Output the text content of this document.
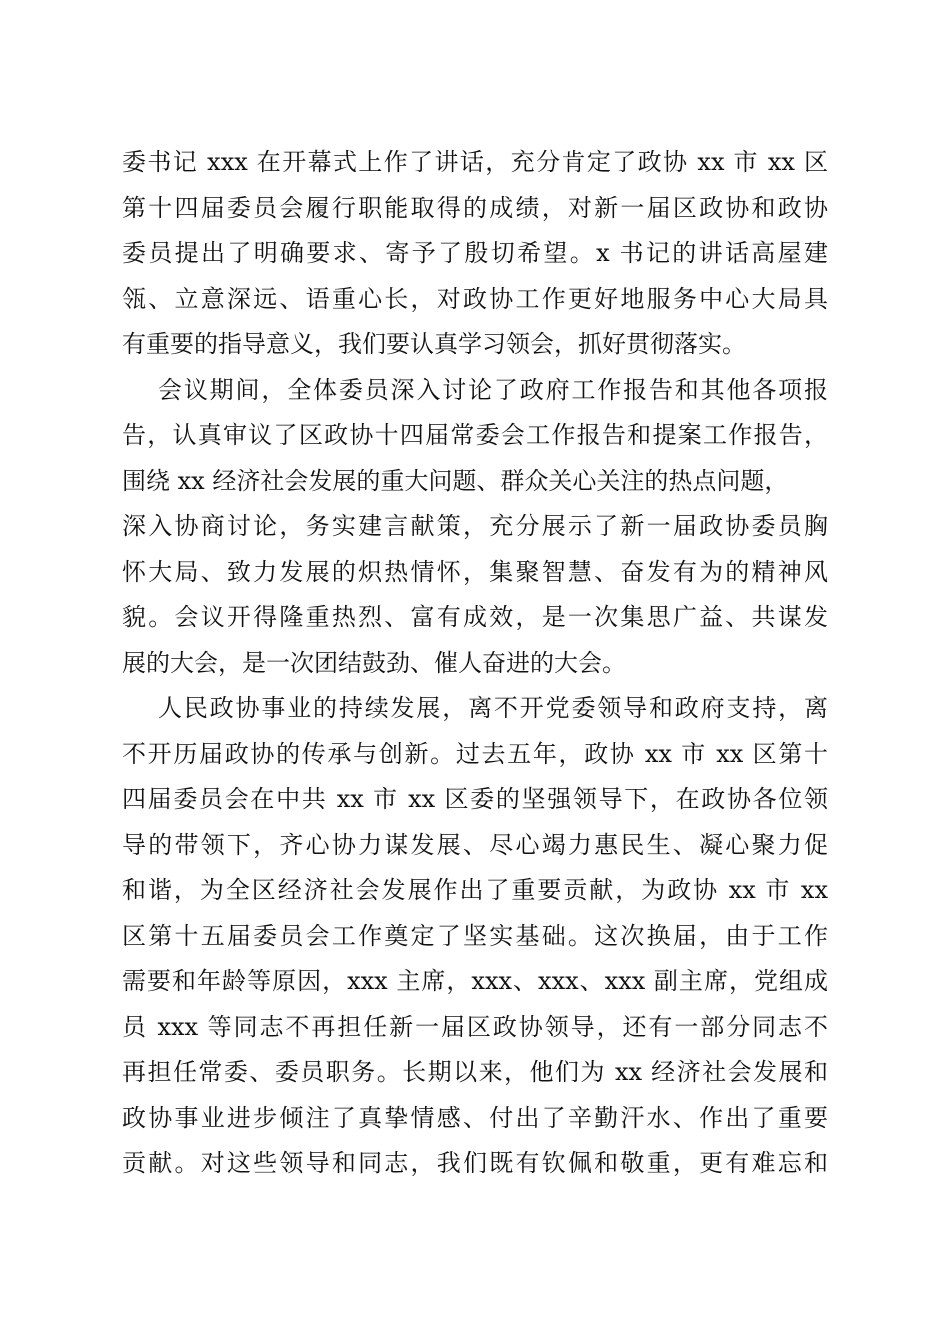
委书记 xxx 在开幕式上作了讲话，充分肯定了政协 xx 市 xx 区
第十四届委员会履行职能取得的成绩，对新一届区政协和政协
委员提出了明确要求、寄予了殷切希望。x 书记的讲话高屋建
瓴、立意深远、语重心长，对政协工作更好地服务中心大局具
有重要的指导意义，我们要认真学习领会，抓好贯彻落实。
会议期间，全体委员深入讨论了政府工作报告和其他各项报
告，认真审议了区政协十四届常委会工作报告和提案工作报告，
围绕 xx 经济社会发展的重大问题、群众关心关注的热点问题，
深入协商讨论，务实建言献策，充分展示了新一届政协委员胸
怀大局、致力发展的炽热情怀，集聚智慧、奋发有为的精神风
貌。会议开得隆重热烈、富有成效，是一次集思广益、共谋发
展的大会，是一次团结鼓劲、催人奋进的大会。
人民政协事业的持续发展，离不开党委领导和政府支持，离
不开历届政协的传承与创新。过去五年，政协 xx 市 xx 区第十
四届委员会在中共 xx 市 xx 区委的坚强领导下，在政协各位领
导的带领下，齐心协力谋发展、尽心竭力惠民生、凝心聚力促
和谐，为全区经济社会发展作出了重要贡献，为政协 xx 市 xx
区第十五届委员会工作奠定了坚实基础。这次换届，由于工作
需要和年龄等原因，xxx 主席，xxx、xxx、xxx 副主席，党组成
员 xxx 等同志不再担任新一届区政协领导，还有一部分同志不
再担任常委、委员职务。长期以来，他们为 xx 经济社会发展和
政协事业进步倾注了真挚情感、付出了辛勤汗水、作出了重要
贡献。对这些领导和同志，我们既有钦佩和敬重，更有难忘和
